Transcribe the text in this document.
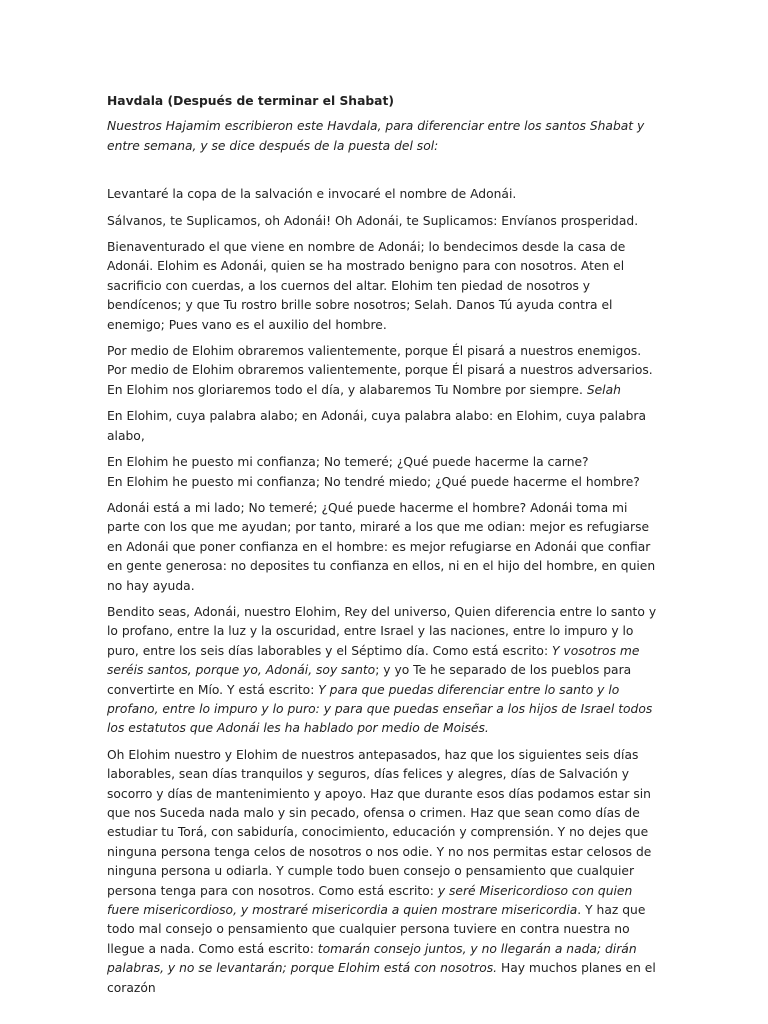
Havdala (Después de terminar el Shabat)

Nuestros Hajamim escribieron este Havdala, para diferenciar entre los santos Shabat y entre semana, y se dice después de la puesta del sol:

Levantaré la copa de la salvación e invocaré el nombre de Adonái.

Sálvanos, te Suplicamos, oh Adonái! Oh Adonái, te Suplicamos: Envíanos prosperidad.

Bienaventurado el que viene en nombre de Adonái; lo bendecimos desde la casa de Adonái. Elohim es Adonái, quien se ha mostrado benigno para con nosotros. Aten el sacrificio con cuerdas, a los cuernos del altar. Elohim ten piedad de nosotros y bendícenos; y que Tu rostro brille sobre nosotros; Selah. Danos Tú ayuda contra el enemigo; Pues vano es el auxilio del hombre.

Por medio de Elohim obraremos valientemente, porque Él pisará a nuestros enemigos.
Por medio de Elohim obraremos valientemente, porque Él pisará a nuestros adversarios.
En Elohim nos gloriaremos todo el día, y alabaremos Tu Nombre por siempre. Selah

En Elohim, cuya palabra alabo; en Adonái, cuya palabra alabo: en Elohim, cuya palabra alabo,

En Elohim he puesto mi confianza; No temeré; ¿Qué puede hacerme la carne?
En Elohim he puesto mi confianza; No tendré miedo; ¿Qué puede hacerme el hombre?

Adonái está a mi lado; No temeré; ¿Qué puede hacerme el hombre? Adonái toma mi parte con los que me ayudan; por tanto, miraré a los que me odian: mejor es refugiarse en Adonái que poner confianza en el hombre: es mejor refugiarse en Adonái que confiar en gente generosa: no deposites tu confianza en ellos, ni en el hijo del hombre, en quien no hay ayuda.

Bendito seas, Adonái, nuestro Elohim, Rey del universo, Quien diferencia entre lo santo y lo profano, entre la luz y la oscuridad, entre Israel y las naciones, entre lo impuro y lo puro, entre los seis días laborables y el Séptimo día. Como está escrito: Y vosotros me seréis santos, porque yo, Adonái, soy santo; y yo Te he separado de los pueblos para convertirte en Mío. Y está escrito: Y para que puedas diferenciar entre lo santo y lo profano, entre lo impuro y lo puro: y para que puedas enseñar a los hijos de Israel todos los estatutos que Adonái les ha hablado por medio de Moisés.

Oh Elohim nuestro y Elohim de nuestros antepasados, haz que los siguientes seis días laborables, sean días tranquilos y seguros, días felices y alegres, días de Salvación y socorro y días de mantenimiento y apoyo. Haz que durante esos días podamos estar sin que nos Suceda nada malo y sin pecado, ofensa o crimen. Haz que sean como días de estudiar tu Torá, con sabiduría, conocimiento, educación y comprensión. Y no dejes que ninguna persona tenga celos de nosotros o nos odie. Y no nos permitas estar celosos de ninguna persona u odiarla. Y cumple todo buen consejo o pensamiento que cualquier persona tenga para con nosotros. Como está escrito: y seré Misericordioso con quien fuere misericordioso, y mostraré misericordia a quien mostrare misericordia. Y haz que todo mal consejo o pensamiento que cualquier persona tuviere en contra nuestra no llegue a nada. Como está escrito: tomarán consejo juntos, y no llegarán a nada; dirán palabras, y no se levantarán; porque Elohim está con nosotros. Hay muchos planes en el corazón
